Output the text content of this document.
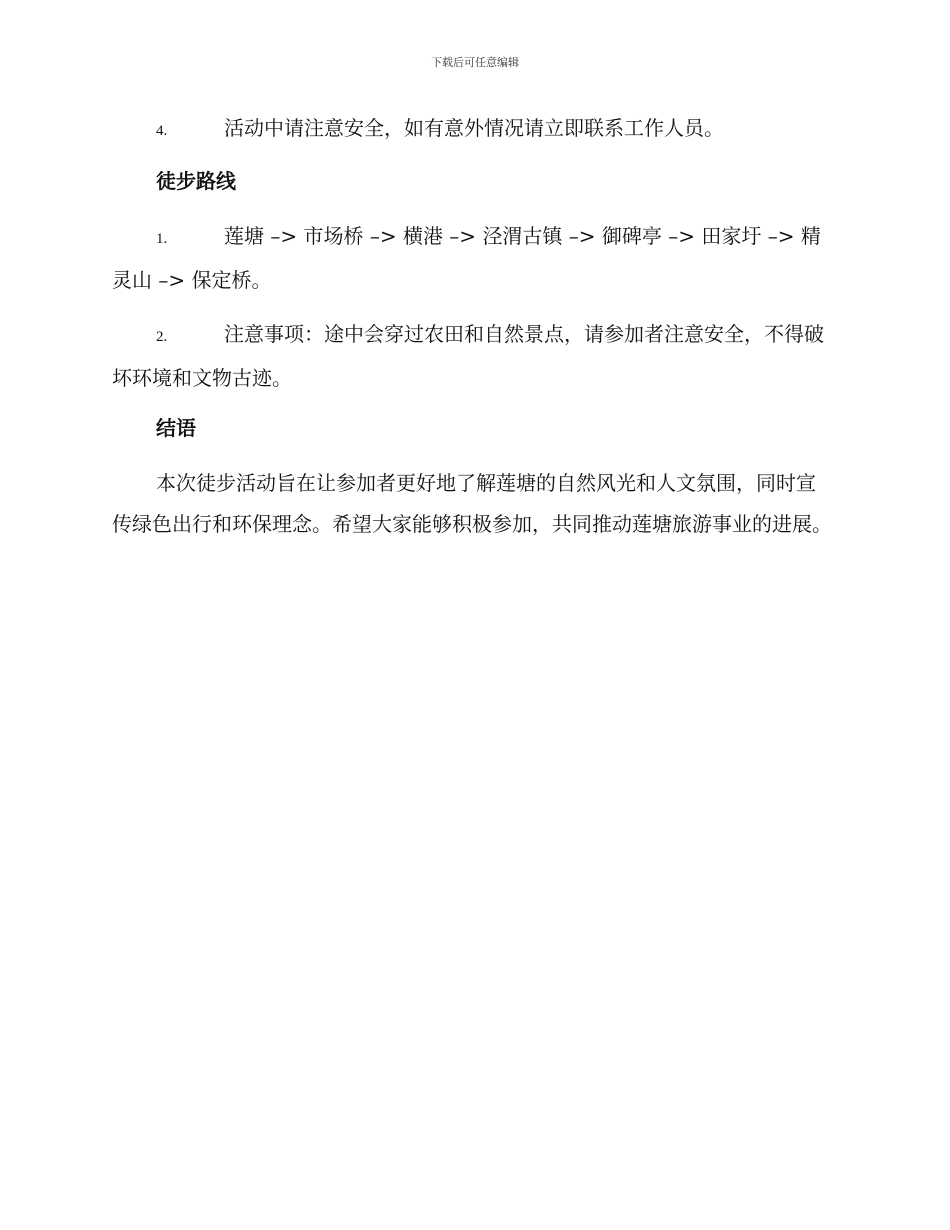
下载后可任意编辑
4.	活动中请注意安全，如有意外情况请立即联系工作人员。
徒步路线
1.	莲塘 –> 市场桥 –> 横港 –> 泾渭古镇 –> 御碑亭 –> 田家圩 –> 精灵山 –> 保定桥。
2.	注意事项：途中会穿过农田和自然景点，请参加者注意安全，不得破坏环境和文物古迹。
结语

本次徒步活动旨在让参加者更好地了解莲塘的自然风光和人文氛围，同时宣传绿色出行和环保理念。希望大家能够积极参加，共同推动莲塘旅游事业的进展。
